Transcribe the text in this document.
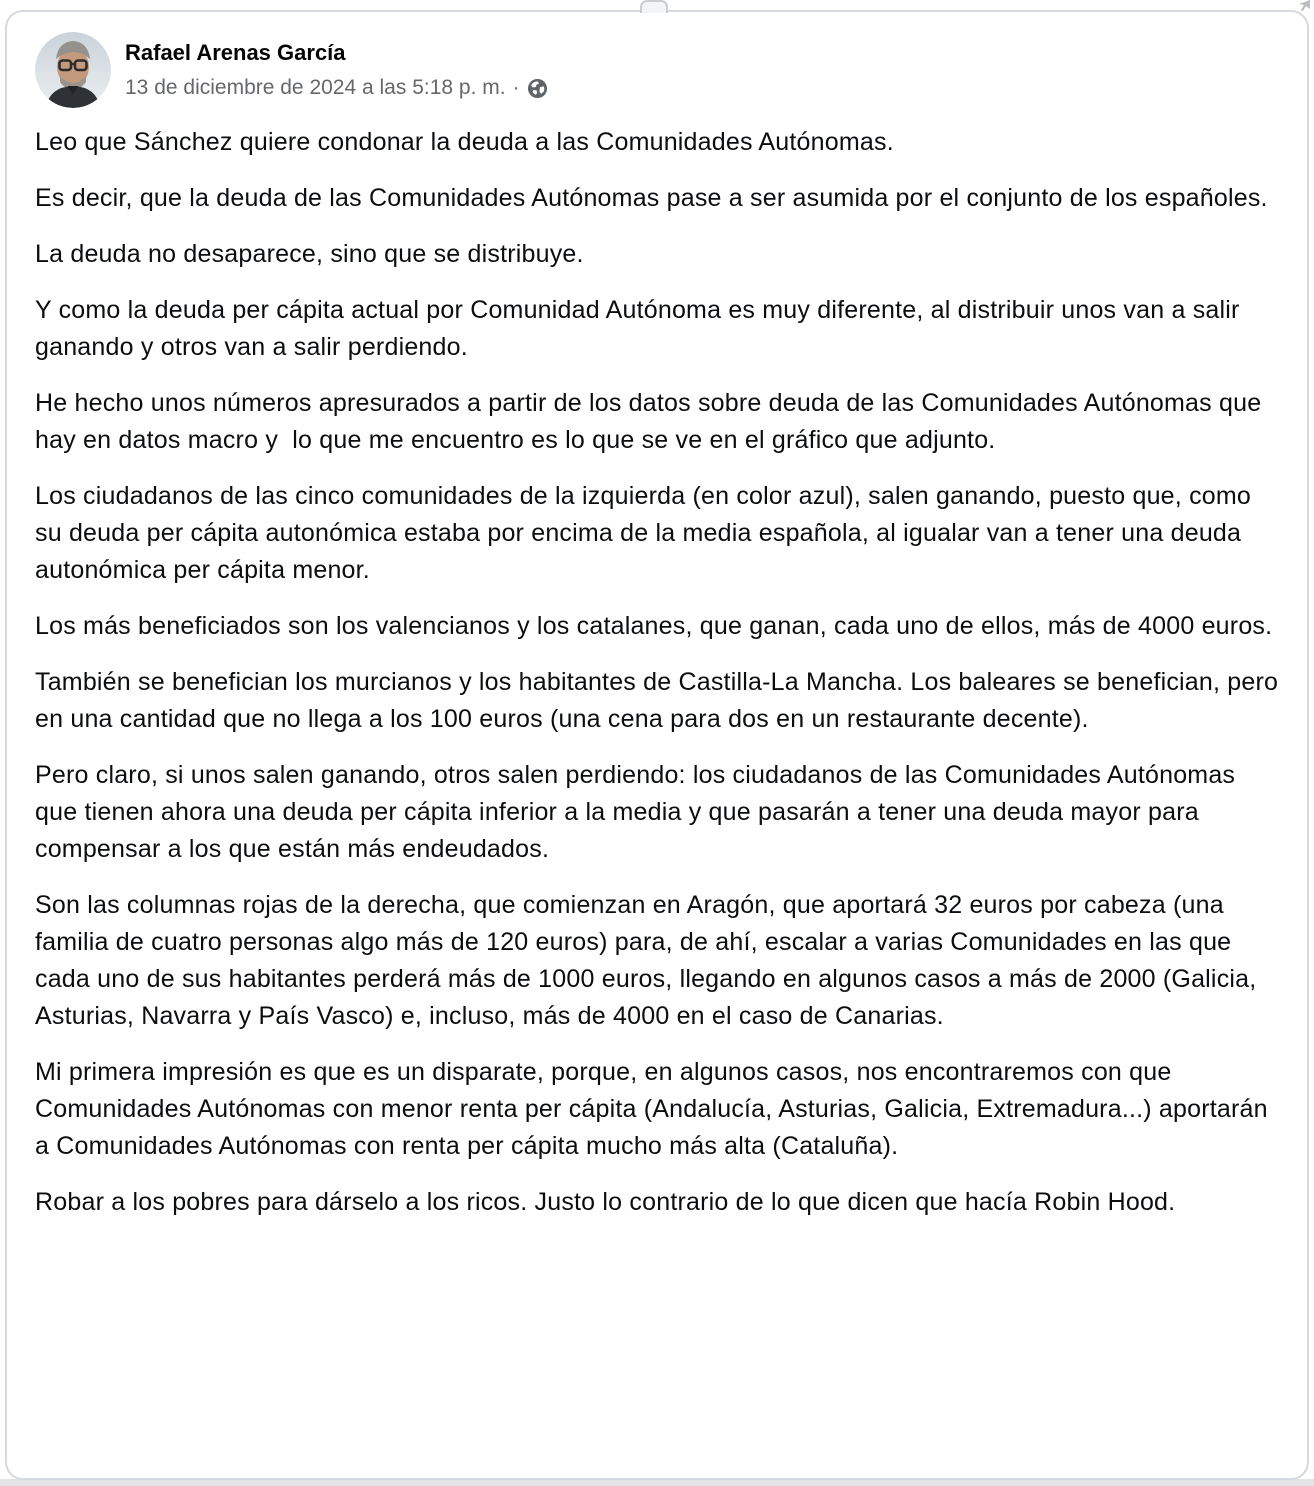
Rafael Arenas García
13 de diciembre de 2024 a las 5:18 p. m. ·

Leo que Sánchez quiere condonar la deuda a las Comunidades Autónomas.

Es decir, que la deuda de las Comunidades Autónomas pase a ser asumida por el conjunto de los españoles.

La deuda no desaparece, sino que se distribuye.

Y como la deuda per cápita actual por Comunidad Autónoma es muy diferente, al distribuir unos van a salir ganando y otros van a salir perdiendo.

He hecho unos números apresurados a partir de los datos sobre deuda de las Comunidades Autónomas que hay en datos macro y  lo que me encuentro es lo que se ve en el gráfico que adjunto.

Los ciudadanos de las cinco comunidades de la izquierda (en color azul), salen ganando, puesto que, como su deuda per cápita autonómica estaba por encima de la media española, al igualar van a tener una deuda autonómica per cápita menor.

Los más beneficiados son los valencianos y los catalanes, que ganan, cada uno de ellos, más de 4000 euros.

También se benefician los murcianos y los habitantes de Castilla-La Mancha. Los baleares se benefician, pero en una cantidad que no llega a los 100 euros (una cena para dos en un restaurante decente).

Pero claro, si unos salen ganando, otros salen perdiendo: los ciudadanos de las Comunidades Autónomas que tienen ahora una deuda per cápita inferior a la media y que pasarán a tener una deuda mayor para compensar a los que están más endeudados.

Son las columnas rojas de la derecha, que comienzan en Aragón, que aportará 32 euros por cabeza (una familia de cuatro personas algo más de 120 euros) para, de ahí, escalar a varias Comunidades en las que cada uno de sus habitantes perderá más de 1000 euros, llegando en algunos casos a más de 2000 (Galicia, Asturias, Navarra y País Vasco) e, incluso, más de 4000 en el caso de Canarias.

Mi primera impresión es que es un disparate, porque, en algunos casos, nos encontraremos con que Comunidades Autónomas con menor renta per cápita (Andalucía, Asturias, Galicia, Extremadura...) aportarán a Comunidades Autónomas con renta per cápita mucho más alta (Cataluña).

Robar a los pobres para dárselo a los ricos. Justo lo contrario de lo que dicen que hacía Robin Hood.
